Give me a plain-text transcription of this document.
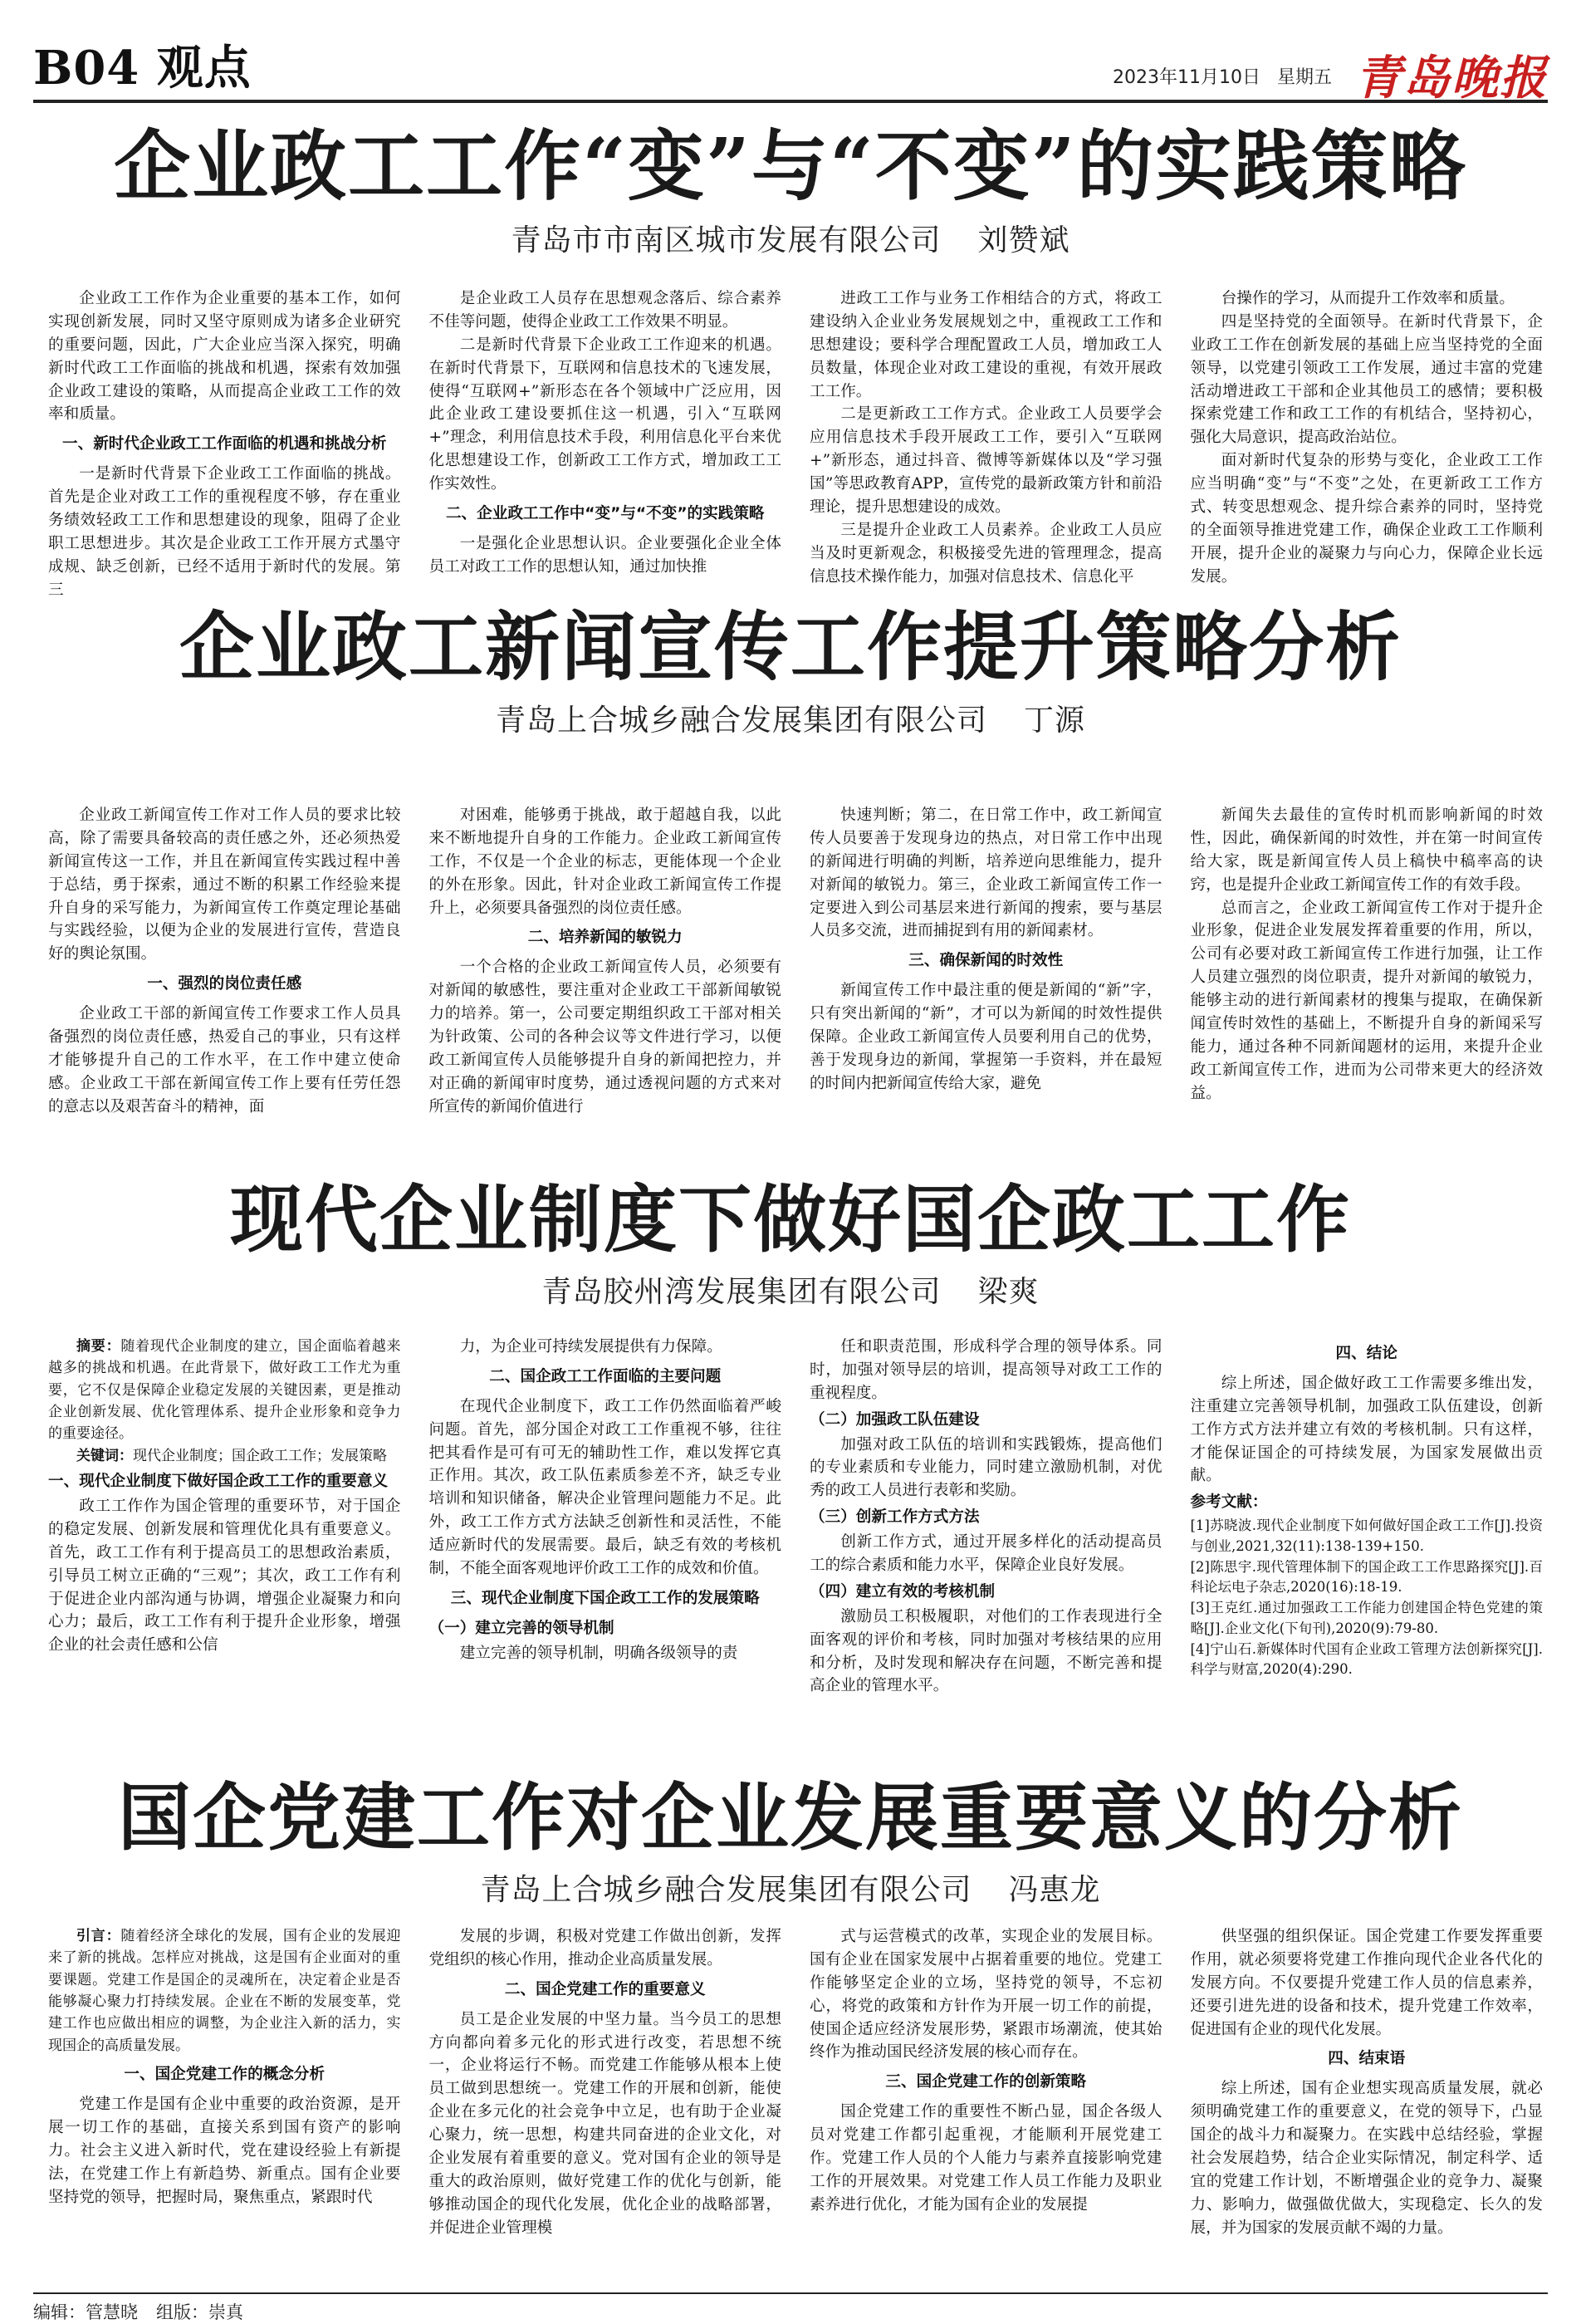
B04 观点	2023年11月10日 星期五 青岛晚报
企业政工工作“变”与“不变”的实践策略
青岛市市南区城市发展有限公司 刘赞斌

企业政工工作作为企业重要的基本工作，如何实现创新发展，同时又坚守原则成为诸多企业研究的重要问题，因此，广大企业应当深入探究，明确新时代政工工作面临的挑战和机遇，探索有效加强企业政工建设的策略，从而提高企业政工工作的效率和质量。

一、新时代企业政工工作面临的机遇和挑战分析

一是新时代背景下企业政工工作面临的挑战。首先是企业对政工工作的重视程度不够，存在重业务绩效轻政工工作和思想建设的现象，阻碍了企业职工思想进步。其次是企业政工工作开展方式墨守成规、缺乏创新，已经不适用于新时代的发展。第三

是企业政工人员存在思想观念落后、综合素养不佳等问题，使得企业政工工作效果不明显。

二是新时代背景下企业政工工作迎来的机遇。在新时代背景下，互联网和信息技术的飞速发展，使得“互联网+”新形态在各个领域中广泛应用，因此企业政工建设要抓住这一机遇，引入“互联网+”理念，利用信息技术手段，利用信息化平台来优化思想建设工作，创新政工工作方式，增加政工工作实效性。

二、企业政工工作中“变”与“不变”的实践策略

一是强化企业思想认识。企业要强化企业全体员工对政工工作的思想认知，通过加快推

进政工工作与业务工作相结合的方式，将政工建设纳入企业业务发展规划之中，重视政工工作和思想建设；要科学合理配置政工人员，增加政工人员数量，体现企业对政工建设的重视，有效开展政工工作。

二是更新政工工作方式。企业政工人员要学会应用信息技术手段开展政工工作，要引入“互联网+”新形态，通过抖音、微博等新媒体以及“学习强国”等思政教育APP，宣传党的最新政策方针和前沿理论，提升思想建设的成效。

三是提升企业政工人员素养。企业政工人员应当及时更新观念，积极接受先进的管理理念，提高信息技术操作能力，加强对信息技术、信息化平

台操作的学习，从而提升工作效率和质量。

四是坚持党的全面领导。在新时代背景下，企业政工工作在创新发展的基础上应当坚持党的全面领导，以党建引领政工工作发展，通过丰富的党建活动增进政工干部和企业其他员工的感情；要积极探索党建工作和政工工作的有机结合，坚持初心，强化大局意识，提高政治站位。

面对新时代复杂的形势与变化，企业政工工作应当明确“变”与“不变”之处，在更新政工工作方式、转变思想观念、提升综合素养的同时，坚持党的全面领导推进党建工作，确保企业政工工作顺利开展，提升企业的凝聚力与向心力，保障企业长远发展。

企业政工新闻宣传工作提升策略分析
青岛上合城乡融合发展集团有限公司 丁源

企业政工新闻宣传工作对工作人员的要求比较高，除了需要具备较高的责任感之外，还必须热爱新闻宣传这一工作，并且在新闻宣传实践过程中善于总结，勇于探索，通过不断的积累工作经验来提升自身的采写能力，为新闻宣传工作奠定理论基础与实践经验，以便为企业的发展进行宣传，营造良好的舆论氛围。

一、强烈的岗位责任感

企业政工干部的新闻宣传工作要求工作人员具备强烈的岗位责任感，热爱自己的事业，只有这样才能够提升自己的工作水平，在工作中建立使命感。企业政工干部在新闻宣传工作上要有任劳任怨的意志以及艰苦奋斗的精神，面

对困难，能够勇于挑战，敢于超越自我，以此来不断地提升自身的工作能力。企业政工新闻宣传工作，不仅是一个企业的标志，更能体现一个企业的外在形象。因此，针对企业政工新闻宣传工作提升上，必须要具备强烈的岗位责任感。

二、培养新闻的敏锐力

一个合格的企业政工新闻宣传人员，必须要有对新闻的敏感性，要注重对企业政工干部新闻敏锐力的培养。第一，公司要定期组织政工干部对相关为针政策、公司的各种会议等文件进行学习，以便政工新闻宣传人员能够提升自身的新闻把控力，并对正确的新闻审时度势，通过透视问题的方式来对所宣传的新闻价值进行

快速判断；第二，在日常工作中，政工新闻宣传人员要善于发现身边的热点，对日常工作中出现的新闻进行明确的判断，培养逆向思维能力，提升对新闻的敏锐力。第三，企业政工新闻宣传工作一定要进入到公司基层来进行新闻的搜索，要与基层人员多交流，进而捕捉到有用的新闻素材。

三、确保新闻的时效性

新闻宣传工作中最注重的便是新闻的“新”字，只有突出新闻的“新”，才可以为新闻的时效性提供保障。企业政工新闻宣传人员要利用自己的优势，善于发现身边的新闻，掌握第一手资料，并在最短的时间内把新闻宣传给大家，避免

新闻失去最佳的宣传时机而影响新闻的时效性，因此，确保新闻的时效性，并在第一时间宣传给大家，既是新闻宣传人员上稿快中稿率高的诀窍，也是提升企业政工新闻宣传工作的有效手段。

总而言之，企业政工新闻宣传工作对于提升企业形象，促进企业发展发挥着重要的作用，所以，公司有必要对政工新闻宣传工作进行加强，让工作人员建立强烈的岗位职责，提升对新闻的敏锐力，能够主动的进行新闻素材的搜集与提取，在确保新闻宣传时效性的基础上，不断提升自身的新闻采写能力，通过各种不同新闻题材的运用，来提升企业政工新闻宣传工作，进而为公司带来更大的经济效益。

现代企业制度下做好国企政工工作
青岛胶州湾发展集团有限公司 梁爽

摘要：随着现代企业制度的建立，国企面临着越来越多的挑战和机遇。在此背景下，做好政工工作尤为重要，它不仅是保障企业稳定发展的关键因素，更是推动企业创新发展、优化管理体系、提升企业形象和竞争力的重要途径。

关键词：现代企业制度；国企政工工作；发展策略

一、现代企业制度下做好国企政工工作的重要意义

政工工作作为国企管理的重要环节，对于国企的稳定发展、创新发展和管理优化具有重要意义。首先，政工工作有利于提高员工的思想政治素质，引导员工树立正确的“三观”；其次，政工工作有利于促进企业内部沟通与协调，增强企业凝聚力和向心力；最后，政工工作有利于提升企业形象，增强企业的社会责任感和公信

力，为企业可持续发展提供有力保障。

二、国企政工工作面临的主要问题

在现代企业制度下，政工工作仍然面临着严峻问题。首先，部分国企对政工工作重视不够，往往把其看作是可有可无的辅助性工作，难以发挥它真正作用。其次，政工队伍素质参差不齐，缺乏专业培训和知识储备，解决企业管理问题能力不足。此外，政工工作方式方法缺乏创新性和灵活性，不能适应新时代的发展需要。最后，缺乏有效的考核机制，不能全面客观地评价政工工作的成效和价值。

三、现代企业制度下国企政工工作的发展策略
（一）建立完善的领导机制

建立完善的领导机制，明确各级领导的责

任和职责范围，形成科学合理的领导体系。同时，加强对领导层的培训，提高领导对政工工作的重视程度。

（二）加强政工队伍建设

加强对政工队伍的培训和实践锻炼，提高他们的专业素质和专业能力，同时建立激励机制，对优秀的政工人员进行表彰和奖励。

（三）创新工作方式方法

创新工作方式，通过开展多样化的活动提高员工的综合素质和能力水平，保障企业良好发展。

（四）建立有效的考核机制

激励员工积极履职，对他们的工作表现进行全面客观的评价和考核，同时加强对考核结果的应用和分析，及时发现和解决存在问题，不断完善和提高企业的管理水平。

四、结论

综上所述，国企做好政工工作需要多维出发，注重建立完善领导机制，加强政工队伍建设，创新工作方式方法并建立有效的考核机制。只有这样，才能保证国企的可持续发展，为国家发展做出贡献。

参考文献：

[1]苏晓波.现代企业制度下如何做好国企政工工作[J].投资与创业,2021,32(11):138-139+150.

[2]陈思宇.现代管理体制下的国企政工工作思路探究[J].百科论坛电子杂志,2020(16):18-19.

[3]王克红.通过加强政工工作能力创建国企特色党建的策略[J].企业文化(下旬刊),2020(9):79-80.

[4]宁山石.新媒体时代国有企业政工管理方法创新探究[J].科学与财富,2020(4):290.

国企党建工作对企业发展重要意义的分析
青岛上合城乡融合发展集团有限公司 冯惠龙

引言：随着经济全球化的发展，国有企业的发展迎来了新的挑战。怎样应对挑战，这是国有企业面对的重要课题。党建工作是国企的灵魂所在，决定着企业是否能够凝心聚力打持续发展。企业在不断的发展变革，党建工作也应做出相应的调整，为企业注入新的活力，实现国企的高质量发展。

一、国企党建工作的概念分析

党建工作是国有企业中重要的政治资源，是开展一切工作的基础，直接关系到国有资产的影响力。社会主义进入新时代，党在建设经验上有新提法，在党建工作上有新趋势、新重点。国有企业要坚持党的领导，把握时局，聚焦重点，紧跟时代

发展的步调，积极对党建工作做出创新，发挥党组织的核心作用，推动企业高质量发展。

二、国企党建工作的重要意义

员工是企业发展的中坚力量。当今员工的思想方向都向着多元化的形式进行改变，若思想不统一，企业将运行不畅。而党建工作能够从根本上使员工做到思想统一。党建工作的开展和创新，能使企业在多元化的社会竞争中立足，也有助于企业凝心聚力，统一思想，构建共同奋进的企业文化，对企业发展有着重要的意义。党对国有企业的领导是重大的政治原则，做好党建工作的优化与创新，能够推动国企的现代化发展，优化企业的战略部署，并促进企业管理模

式与运营模式的改革，实现企业的发展目标。国有企业在国家发展中占据着重要的地位。党建工作能够坚定企业的立场，坚持党的领导，不忘初心，将党的政策和方针作为开展一切工作的前提，使国企适应经济发展形势，紧跟市场潮流，使其始终作为推动国民经济发展的核心而存在。

三、国企党建工作的创新策略

国企党建工作的重要性不断凸显，国企各级人员对党建工作都引起重视，才能顺利开展党建工作。党建工作人员的个人能力与素养直接影响党建工作的开展效果。对党建工作人员工作能力及职业素养进行优化，才能为国有企业的发展提

供坚强的组织保证。国企党建工作要发挥重要作用，就必须要将党建工作推向现代企业各代化的发展方向。不仅要提升党建工作人员的信息素养，还要引进先进的设备和技术，提升党建工作效率，促进国有企业的现代化发展。

四、结束语

综上所述，国有企业想实现高质量发展，就必须明确党建工作的重要意义，在党的领导下，凸显国企的战斗力和凝聚力。在实践中总结经验，掌握社会发展趋势，结合企业实际情况，制定科学、适宜的党建工作计划，不断增强企业的竞争力、凝聚力、影响力，做强做优做大，实现稳定、长久的发展，并为国家的发展贡献不竭的力量。

编辑：管慧晓 组版：崇真
